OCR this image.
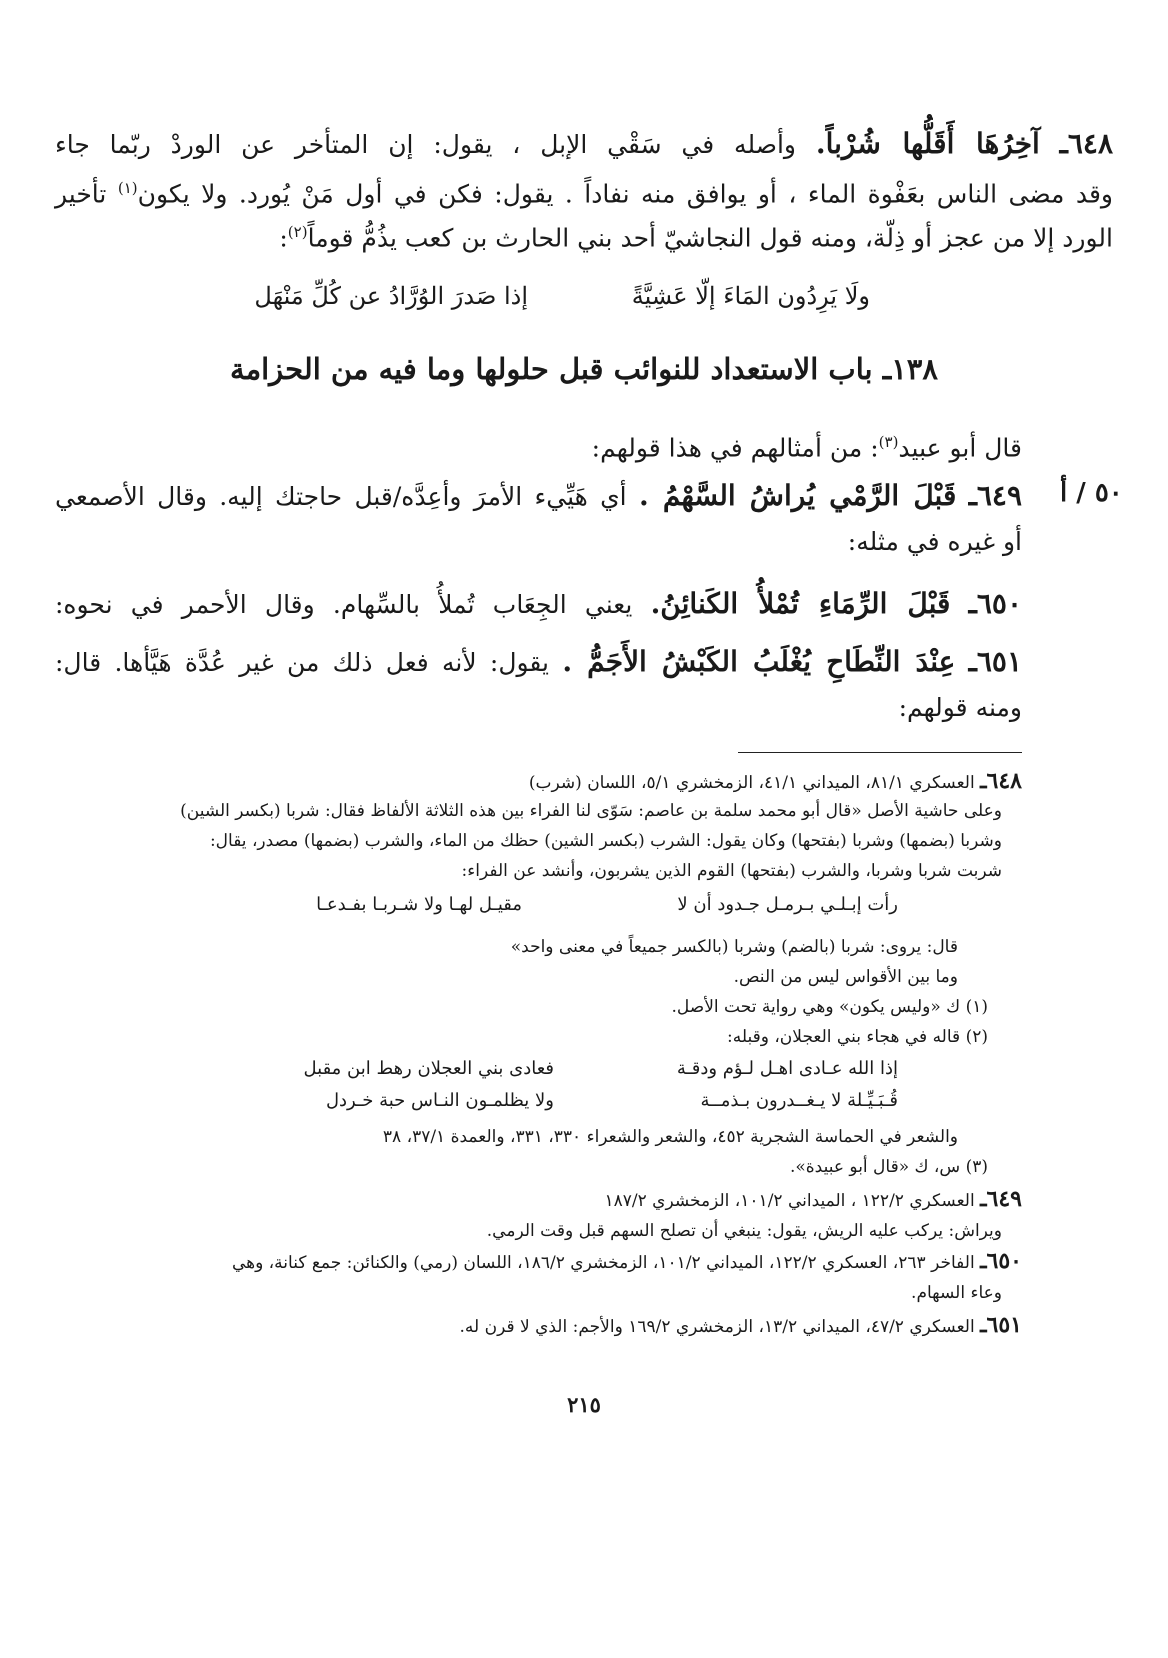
٦٤٨ـ آخِرُهَا أَقَلُّها شُرْباً. وأصله في سَقْي الإبل ، يقول: إن المتأخر عن الوردْ ربّما جاء
وقد مضى الناس بعَفْوة الماء ، أو يوافق منه نفاداً . يقول: فكن في أول مَنْ يُورد. ولا يكون$^{(١)}$ تأخير
الورد إلا من عجز أو ذِلّة، ومنه قول النجاشيّ أحد بني الحارث بن كعب يذُمُّ قوماً$^{(٢)}$:
ولَا يَرِدُون المَاءَ إلّا عَشِيَّةً
إذا صَدرَ الوُرَّادُ عن كُلِّ مَنْهَل
١٣٨ـ باب الاستعداد للنوائب قبل حلولها وما فيه من الحزامة
قال أبو عبيد$^{(٣)}$: من أمثالهم في هذا قولهم:
٥٠ / أ
٦٤٩ـ قَبْلَ الرَّمْي يُراشُ السَّهْمُ . أي هَيِّيء الأمرَ وأعِدَّه/قبل حاجتك إليه. وقال الأصمعي
أو غيره في مثله:
٦٥٠ـ قَبْلَ الرِّمَاءِ تُمْلأُ الكَنائِنُ. يعني الجِعَاب تُملأُ بالسِّهام. وقال الأحمر في نحوه:
٦٥١ـ عِنْدَ النِّطَاحِ يُغْلَبُ الكَبْشُ الأَجَمُّ . يقول: لأنه فعل ذلك من غير عُدَّة هَيَّأها. قال:
ومنه قولهم:
٦٤٨ـ العسكري ٨١/١، الميداني ٤١/١، الزمخشري ٥/١، اللسان (شرب)
وعلى حاشية الأصل «قال أبو محمد سلمة بن عاصم: سَوّى لنا الفراء بين هذه الثلاثة الألفاظ فقال: شربا (بكسر الشين)
وشربا (بضمها) وشربا (بفتحها) وكان يقول: الشرب (بكسر الشين) حظك من الماء، والشرب (بضمها) مصدر، يقال:
شربت شربا وشربا، والشرب (بفتحها) القوم الذين يشربون، وأنشد عن الفراء:
رأت إبـلـي بـرمـل جـدود أن لا
مقيـل لهـا ولا شـربـا بفـدعـا
قال: يروى: شربا (بالضم) وشربا (بالكسر جميعاً في معنى واحد»
وما بين الأقواس ليس من النص.
(١) ك «وليس يكون» وهي رواية تحت الأصل.
(٢) قاله في هجاء بني العجلان، وقبله:
إذا الله عـادى اهـل لـؤم ودقـة
فعادى بني العجلان رهط ابن مقبل
قُـبَـيِّـلة لا يـغــدرون بـذمــة
ولا يظلمـون النـاس حبة خـردل
والشعر في الحماسة الشجرية ٤٥٢، والشعر والشعراء ٣٣٠، ٣٣١، والعمدة ٣٧/١، ٣٨
(٣) س، ك «قال أبو عبيدة».
٦٤٩ـ العسكري ١٢٢/٢ ، الميداني ١٠١/٢، الزمخشري ١٨٧/٢
ويراش: يركب عليه الريش، يقول: ينبغي أن تصلح السهم قبل وقت الرمي.
٦٥٠ـ الفاخر ٢٦٣، العسكري ١٢٢/٢، الميداني ١٠١/٢، الزمخشري ١٨٦/٢، اللسان (رمي) والكنائن: جمع كنانة، وهي
وعاء السهام.
٦٥١ـ العسكري ٤٧/٢، الميداني ١٣/٢، الزمخشري ١٦٩/٢ والأجم: الذي لا قرن له.
٢١٥
